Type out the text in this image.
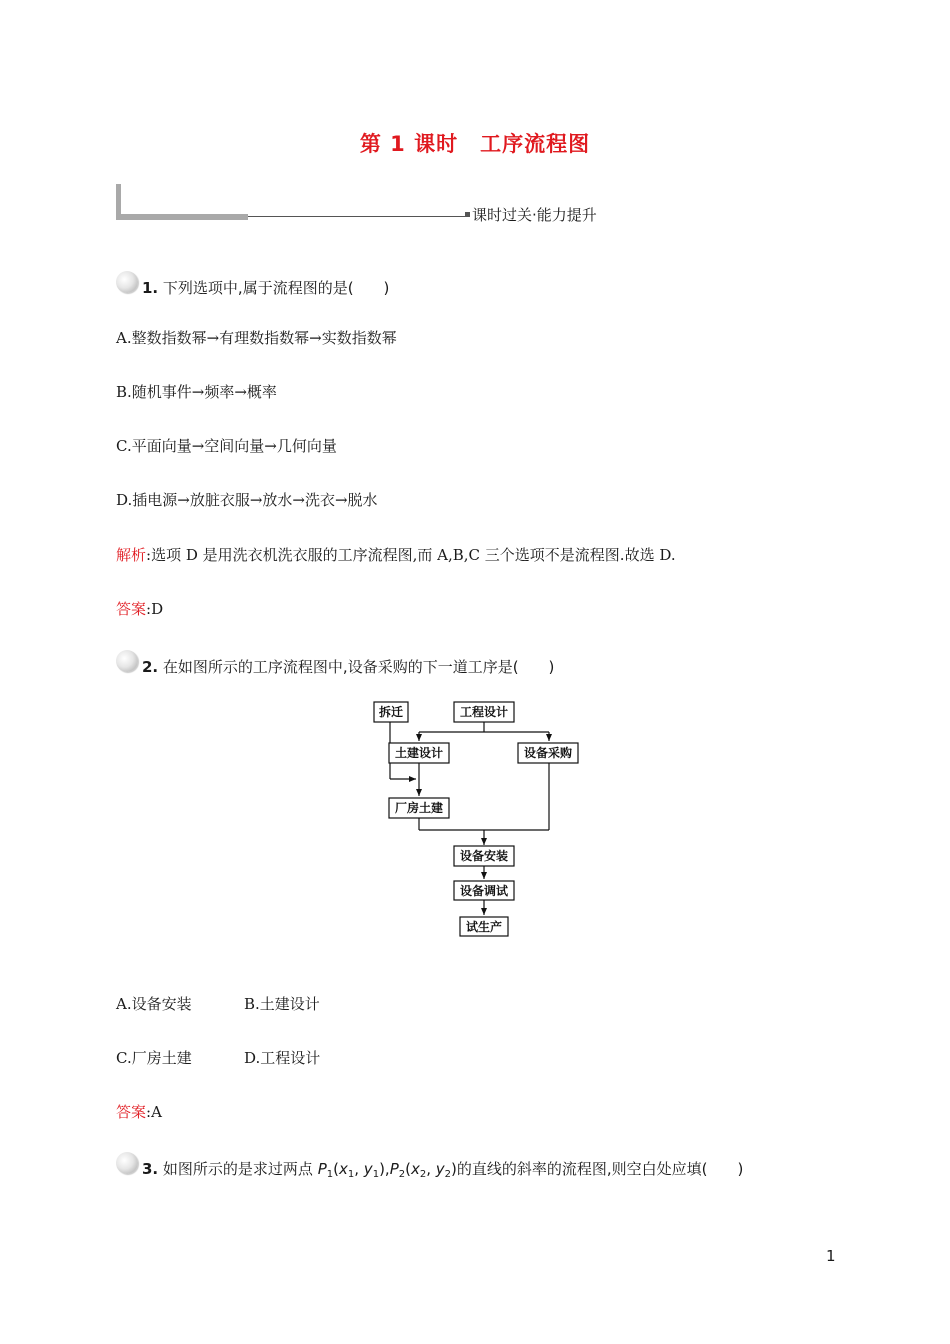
第 1 课时 工序流程图
课时过关·能力提升
1. 下列选项中,属于流程图的是(　　)
A.整数指数幂→有理数指数幂→实数指数幂
B.随机事件→频率→概率
C.平面向量→空间向量→几何向量
D.插电源→放脏衣服→放水→洗衣→脱水
解析:选项 D 是用洗衣机洗衣服的工序流程图,而 A,B,C 三个选项不是流程图.故选 D.
答案:D
2. 在如图所示的工序流程图中,设备采购的下一道工序是(　　)
拆迁	工程设计
土建设计	设备采购
厂房土建
设备安装
设备调试
试生产
A.设备安装	B.土建设计
C.厂房土建	D.工程设计
答案:A
3. 如图所示的是求过两点 $P_1(x_1$, $y_1),P_2(x_2$, $y_2$)的直线的斜率的流程图,则空白处应填(　　)
1
